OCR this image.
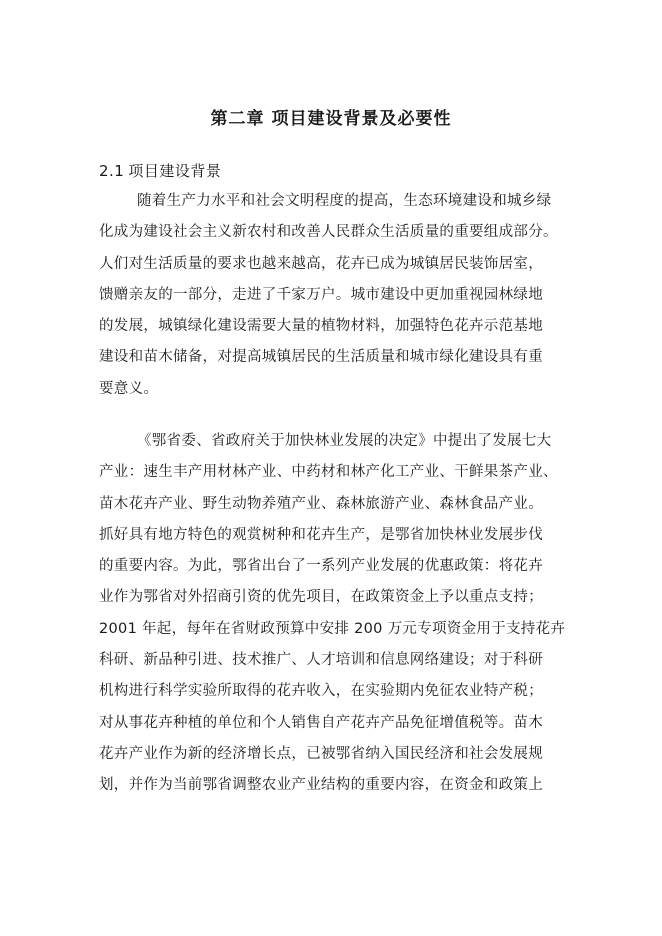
第二章 项目建设背景及必要性
2.1 项目建设背景
随着生产力水平和社会文明程度的提高，生态环境建设和城乡绿
化成为建设社会主义新农村和改善人民群众生活质量的重要组成部分。
人们对生活质量的要求也越来越高，花卉已成为城镇居民装饰居室，
馈赠亲友的一部分，走进了千家万户。城市建设中更加重视园林绿地
的发展，城镇绿化建设需要大量的植物材料，加强特色花卉示范基地
建设和苗木储备，对提高城镇居民的生活质量和城市绿化建设具有重
要意义。
《鄂省委、省政府关于加快林业发展的决定》中提出了发展七大
产业：速生丰产用材林产业、中药材和林产化工产业、干鲜果茶产业、
苗木花卉产业、野生动物养殖产业、森林旅游产业、森林食品产业。
抓好具有地方特色的观赏树种和花卉生产，是鄂省加快林业发展步伐
的重要内容。为此，鄂省出台了一系列产业发展的优惠政策：将花卉
业作为鄂省对外招商引资的优先项目，在政策资金上予以重点支持；
2001 年起，每年在省财政预算中安排 200 万元专项资金用于支持花卉
科研、新品种引进、技术推广、人才培训和信息网络建设；对于科研
机构进行科学实验所取得的花卉收入，在实验期内免征农业特产税；
对从事花卉种植的单位和个人销售自产花卉产品免征增值税等。苗木
花卉产业作为新的经济增长点，已被鄂省纳入国民经济和社会发展规
划，并作为当前鄂省调整农业产业结构的重要内容，在资金和政策上
